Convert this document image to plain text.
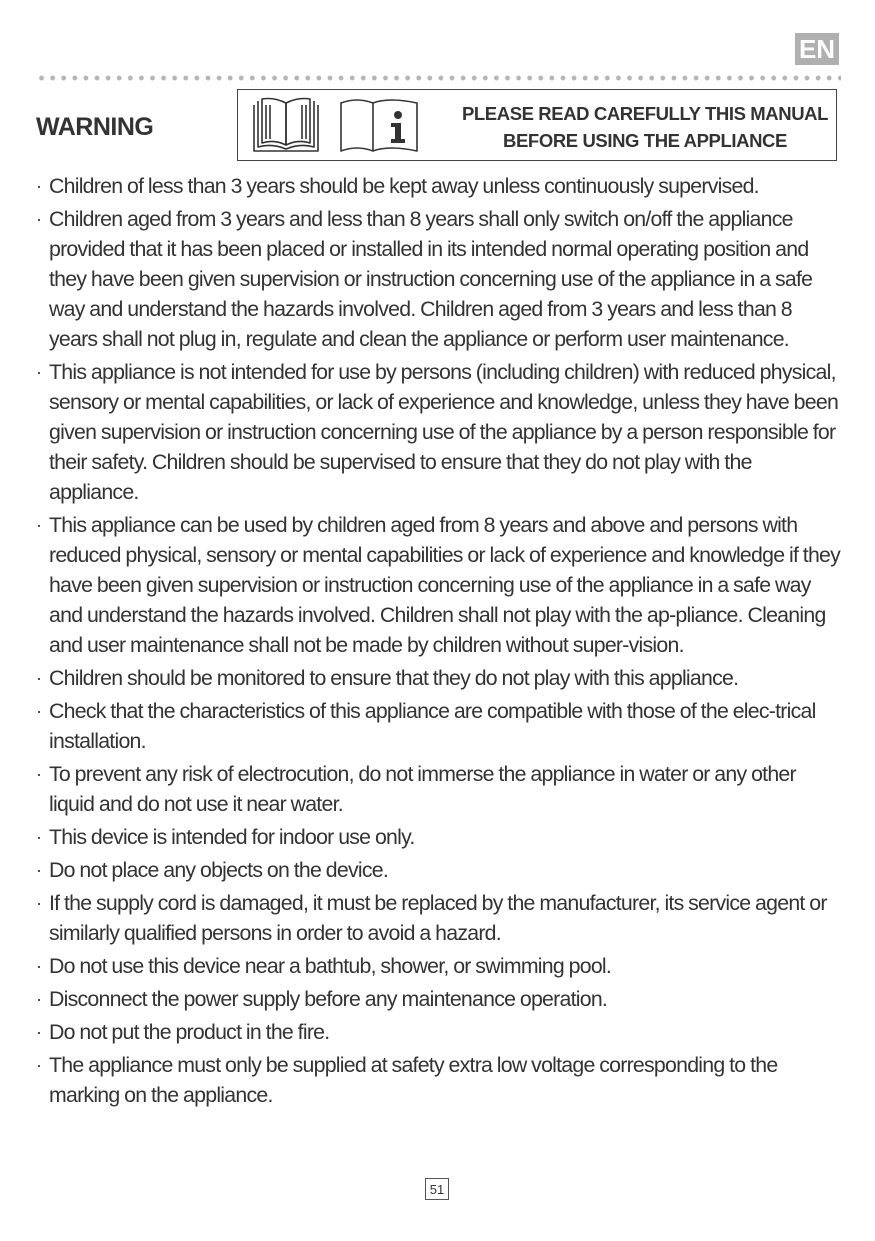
EN
WARNING	PLEASE READ CAREFULLY THIS MANUAL
BEFORE USING THE APPLIANCE
· Children of less than 3 years should be kept away unless continuously supervised.
· Children aged from 3 years and less than 8 years shall only switch on/off the appliance provided that it has been placed or installed in its intended normal operating position and they have been given supervision or instruction concerning use of the appliance in a safe way and understand the hazards involved. Children aged from 3 years and less than 8 years shall not plug in, regulate and clean the appliance or perform user maintenance.
· This appliance is not intended for use by persons (including children) with reduced physical, sensory or mental capabilities, or lack of experience and knowledge, unless they have been given supervision or instruction concerning use of the appliance by a person responsible for their safety. Children should be supervised to ensure that they do not play with the appliance.
· This appliance can be used by children aged from 8 years and above and persons with reduced physical, sensory or mental capabilities or lack of experience and knowledge if they have been given supervision or instruction concerning use of the appliance in a safe way and understand the hazards involved. Children shall not play with the ap-pliance. Cleaning and user maintenance shall not be made by children without super-vision.
· Children should be monitored to ensure that they do not play with this appliance.
· Check that the characteristics of this appliance are compatible with those of the elec-trical installation.
· To prevent any risk of electrocution, do not immerse the appliance in water or any other liquid and do not use it near water.
· This device is intended for indoor use only.
· Do not place any objects on the device.
· If the supply cord is damaged, it must be replaced by the manufacturer, its service agent or similarly qualified persons in order to avoid a hazard.
· Do not use this device near a bathtub, shower, or swimming pool.
· Disconnect the power supply before any maintenance operation.
· Do not put the product in the fire.
· The appliance must only be supplied at safety extra low voltage corresponding to the marking on the appliance.
51
